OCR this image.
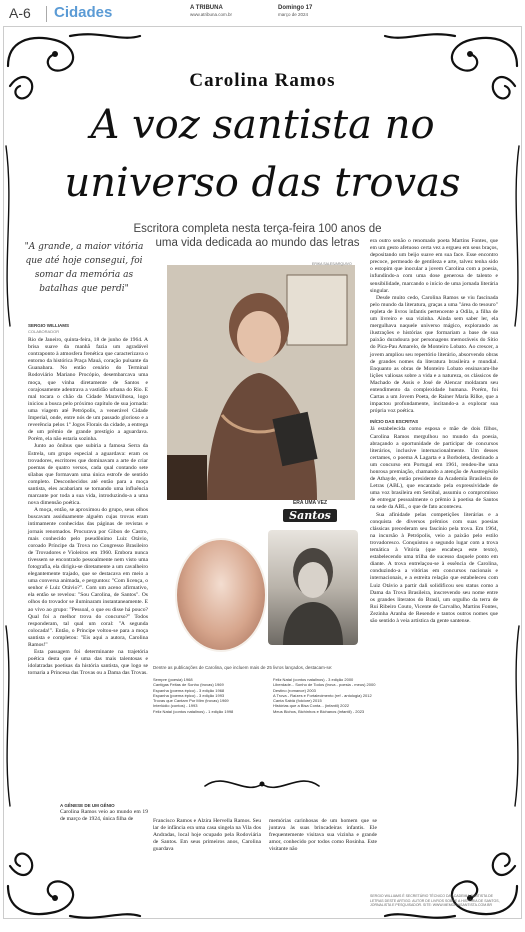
A-6 Cidades	A TRIBUNA
www.atribuna.com.br
Domingo 17
março de 2024
Carolina Ramos
A voz santista no
universo das trovas
Escritora completa nesta terça-feira 100 anos de uma vida dedicada ao mundo das letras
"A grande, a maior vitória que até hoje consegui, foi somar da memória as batalhas que perdi"
SERGIO WILLIAMS
COLABORADOR

Rio de Janeiro, quinta-feira, 18 de junho de 1964. A brisa suave da manhã fazia um agradável contraponto à atmosfera frenética que caracterizava o entorno da histórica Praça Mauá, coração pulsante da Guanabara. No então cenário do Terminal Rodoviário Mariano Procópio, desembarcava uma moça, que vinha diretamente de Santos e corajosamente adentrava a vastidão urbana do Rio. E mal tocara o chão da Cidade Maravilhosa, logo iniciou a busca pelo próximo capítulo de sua jornada: uma viagem até Petrópolis, a venerável Cidade Imperial, onde, entre nós de um passado glorioso e a reverência pelos 1º Jogos Florais da cidade, a entrega de um prêmio de grande prestígio a aguardava. Porém, ela não estaria sozinha.

Junto ao ônibus que subiria a famosa Serra da Estrela, um grupo especial a aguardava: eram os trovadores, escritores que dominavam a arte de criar poemas de quatro versos, cada qual contando sete sílabas que formavam uma única estrofe de sentido completo. Desconhecidos até então para a moça santista, eles acabariam se tornando uma influência marcante por toda a sua vida, introduzindo-a a uma nova dimensão poética.

A moça, então, se aproximou do grupo, seus olhos buscavam assiduamente alguém cujas trovas eram intimamente conhecidas das páginas de revistas e jornais renomados. Procurava por Gibon de Castro, mais conhecido pelo pseudônimo Luiz Otávio, coroado Príncipe da Trova no Congresso Brasileiro de Trovadores e Violeiros em 1960. Embora nunca tivessem se encontrado pessoalmente nem visto uma fotografia, ela dirigiu-se diretamente a um cavalheiro elegantemente trajado, que se destacava em meio a uma conversa animada, e perguntou: "Com licença, o senhor é Luiz Otávio?". Com um aceno afirmativo, ela então se revelou: "Sou Carolina, de Santos". Os olhos do trovador se iluminaram instantaneamente. E ao vivo ao grupo: "Pessoal, o que eu disse há pouco? Qual foi a melhor trova do concurso?" Todos responderam, tal qual um coral: "A segunda colocada!". Então, o Príncipe voltou-se para a moça santista e completou: "Eis aqui a autora, Carolina Ramos!"

Esta passagem foi determinante na trajetória poética desta que é uma das mais talentosas e idolatradas poetisas da história santista, que logo se tornaria a Princesa das Trovas ou a Dama das Trovas.

A GÊNESE DE UM GÊNIO
Carolina Ramos veio ao mundo em 19 de março de 1924, única filha de
ERIKA SALES/ARQUIVO
ERA UMA VEZ
Santos
Dentre as publicações de Carolina, que incluem mais de 25 livros lançados, destacam-se:
Sempre (poesia) 1968
Cantigas Feitas de Sonho (trovas) 1969
Espanha (poema épico) - 3 edição 1968
Espanha (poema épico) - 3 edição 1993
Trovas que Cantam Por Mim (trovas) 1969
Interlúdio (contos) - 1993
Feliz Natal (contos natalinos) - 1 edição 1998
Feliz Natal (contos natalinos) - 3 edição 2000
Liberdade... Sonho de Todos (trova - poesia - meus) 2000
Destino (romance) 2003
A Trova - Raízes e Fortalecimento (ref - antologia) 2012
Canta Sabiá (folclore) 2015
Histórias que a Bisa Conta... (infantil) 2022
Meus Bichos, Bichinhos e Bichanos (infantil) - 2023

Francisco Ramos e Alzira Hervella Ramos. Seu lar de infância era uma casa singela na Vila dos Andradas, local hoje ocupado pela Rodoviária de Santos. Em seus primeiros anos, Carolina guardava

memórias carinhosas de um homem que se juntava às suas brincadeiras infantis. Ele frequentemente visitava sua vizinha e grande amor, conhecido por todos como Rosinha. Este visitante não

era outro senão o renomado poeta Martins Fontes, que em um gesto afetuoso certa vez a ergueu em seus braços, depositando um beijo suave em sua face. Esse encontro precoce, permeado de gentileza e arte, talvez tenha sido o estopim que inocular a jovem Carolina com a poesia, infundindo-a com uma dose generosa de talento e sensibilidade, marcando o início de uma jornada literária singular.

Desde muito cedo, Carolina Ramos se viu fascinada pelo mundo da literatura, graças a uma "área do tesouro" repleta de livros infantis pertencente a Odila, a filha de um livreiro e sua vizinha. Ainda sem saber ler, ela mergulhava naquele universo mágico, explorando as ilustrações e histórias que formariam a base de sua paixão duradoura por personagens memoráveis do Sítio do Pica-Pau Amarelo, de Monteiro Lobato. Ao crescer, a jovem ampliou seu repertório literário, absorvendo obras de grandes nomes da literatura brasileira e mundial. Enquanto as obras de Monteiro Lobato ensinavam-lhe lições valiosas sobre a vida e a natureza, os clássicos de Machado de Assis e José de Alencar moldaram seu entendimento da complexidade humana. Porém, foi Cartas a um Jovem Poeta, de Rainer Maria Rilke, que a impactou profundamente, incitando-a a explorar sua própria voz poética.

INÍCIO DAS ESCRITAS

Já estabelecida como esposa e mãe de dois filhos, Carolina Ramos mergulhou no mundo da poesia, abraçando a oportunidade de participar de concursos literários, inclusive internacionalmente. Um desses certames, o poema A Lagarta e a Borboleta, destinado a um concurso em Portugal em 1961, rendeu-lhe uma honrosa premiação, chamando a atenção de Austregésilo de Athayde, então presidente da Academia Brasileira de Letras (ABL), que encantado pela expressividade de uma voz brasileira em Setúbal, assumiu o compromisso de entregar pessoalmente o prêmio à poetisa de Santos na sede da ABL, o que de fato aconteceu.

Sua afinidade pelas competições literárias e a conquista de diversos prêmios com suas poesias clássicas precederam seu fascínio pela trova. Em 1964, na incursão à Petrópolis, veio a paixão pelo estilo trovadoresco. Conquistou o segundo lugar com a trova temática à Vitória (que encabeça este texto), estabelecendo uma trilha de sucesso daquele ponto em diante. A trova entrelaçou-se à essência de Carolina, conduzindo-a a vitórias em concursos nacionais e internacionais, e a estreita relação que estabeleceu com Luiz Otávio a partir dali solidificou seu status como a Dama da Trova Brasileira, inscrevendo seu nome entre os grandes literatos do Brasil, um orgulho da terra de Rui Ribeiro Couto, Vicente de Carvalho, Martins Fontes, Zezinha Aranha de Resende e tantos outros nomes que são sentido à veia artística da gente santense.

SERGIO WILLIAMS É SECRETÁRIO TÉCNICO DA ACADEMIA SANTISTA DE LETRAS DESTE ARTIGO. AUTOR DE LIVROS SOBRE A HISTÓRIA DE SANTOS, JORNALISTA E PESQUISADOR. SITE: WWW.MEMORIASANTISTA.COM.BR
